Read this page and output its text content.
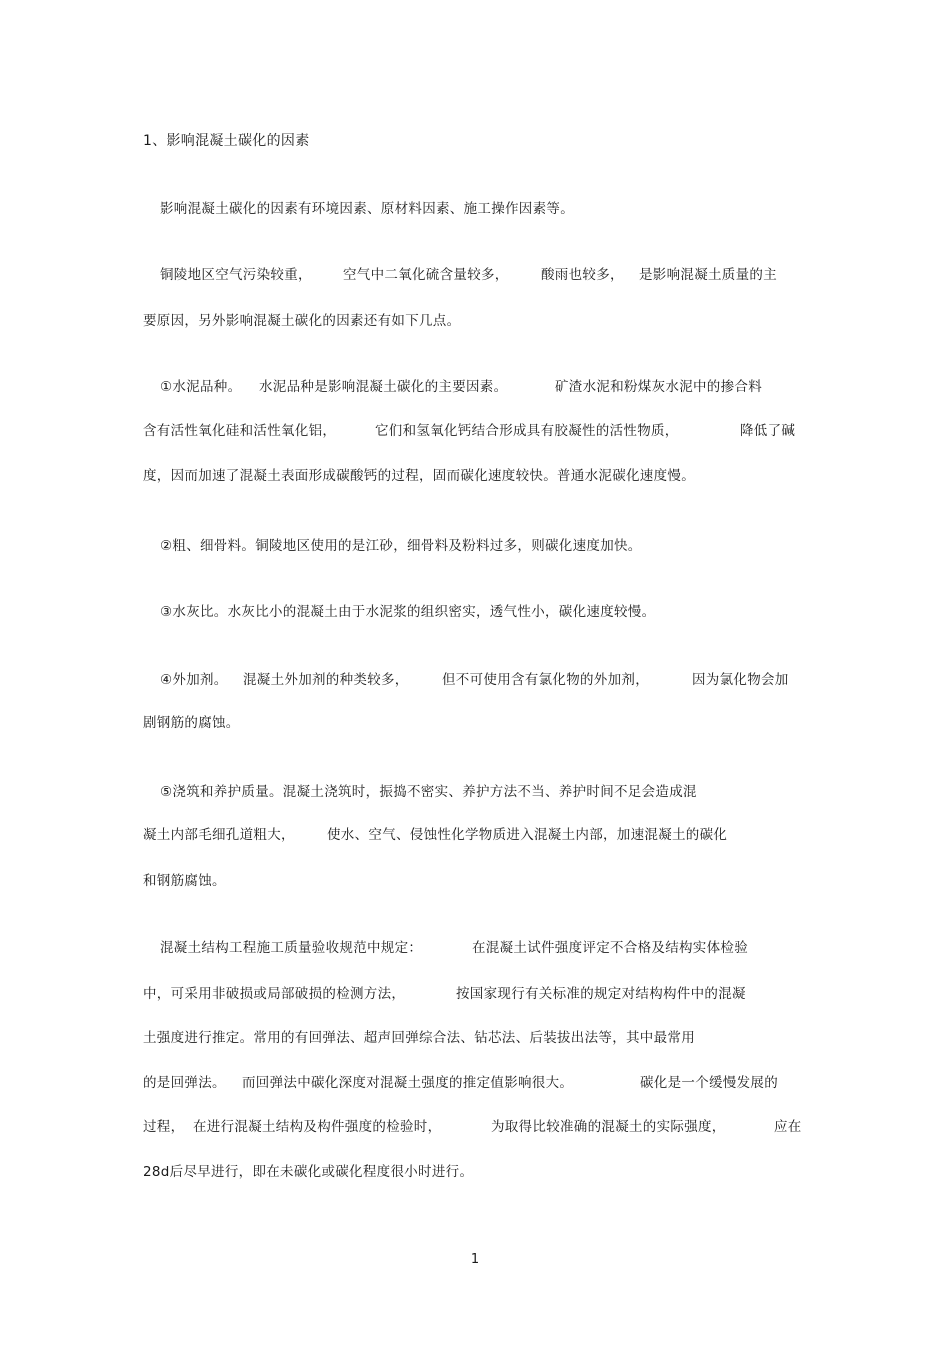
1、影响混凝土碳化的因素
影响混凝土碳化的因素有环境因素、原材料因素、施工操作因素等。
铜陵地区空气污染较重， 空气中二氧化硫含量较多， 酸雨也较多， 是影响混凝土质量的主
要原因，另外影响混凝土碳化的因素还有如下几点。
①水泥品种。 水泥品种是影响混凝土碳化的主要因素。	矿渣水泥和粉煤灰水泥中的掺合料
含有活性氧化硅和活性氧化铝，	它们和氢氧化钙结合形成具有胶凝性的活性物质，	降低了碱
度，因而加速了混凝土表面形成碳酸钙的过程，固而碳化速度较快。普通水泥碳化速度慢。
②粗、细骨料。铜陵地区使用的是江砂，细骨料及粉料过多，则碳化速度加快。
③水灰比。水灰比小的混凝土由于水泥浆的组织密实，透气性小，碳化速度较慢。
④外加剂。 混凝土外加剂的种类较多， 但不可使用含有氯化物的外加剂，	因为氯化物会加
剧钢筋的腐蚀。
⑤浇筑和养护质量。混凝土浇筑时，振捣不密实、养护方法不当、养护时间不足会造成混
凝土内部毛细孔道粗大， 使水、空气、侵蚀性化学物质进入混凝土内部，加速混凝土的碳化
和钢筋腐蚀。
混凝土结构工程施工质量验收规范中规定：	在混凝土试件强度评定不合格及结构实体检验
中，可采用非破损或局部破损的检测方法，	按国家现行有关标准的规定对结构构件中的混凝
土强度进行推定。常用的有回弹法、超声回弹综合法、钻芯法、后装拔出法等，其中最常用
的是回弹法。 而回弹法中碳化深度对混凝土强度的推定值影响很大。	碳化是一个缓慢发展的
过程， 在进行混凝土结构及构件强度的检验时，	为取得比较准确的混凝土的实际强度，	应在
28d后尽早进行，即在未碳化或碳化程度很小时进行。
1
